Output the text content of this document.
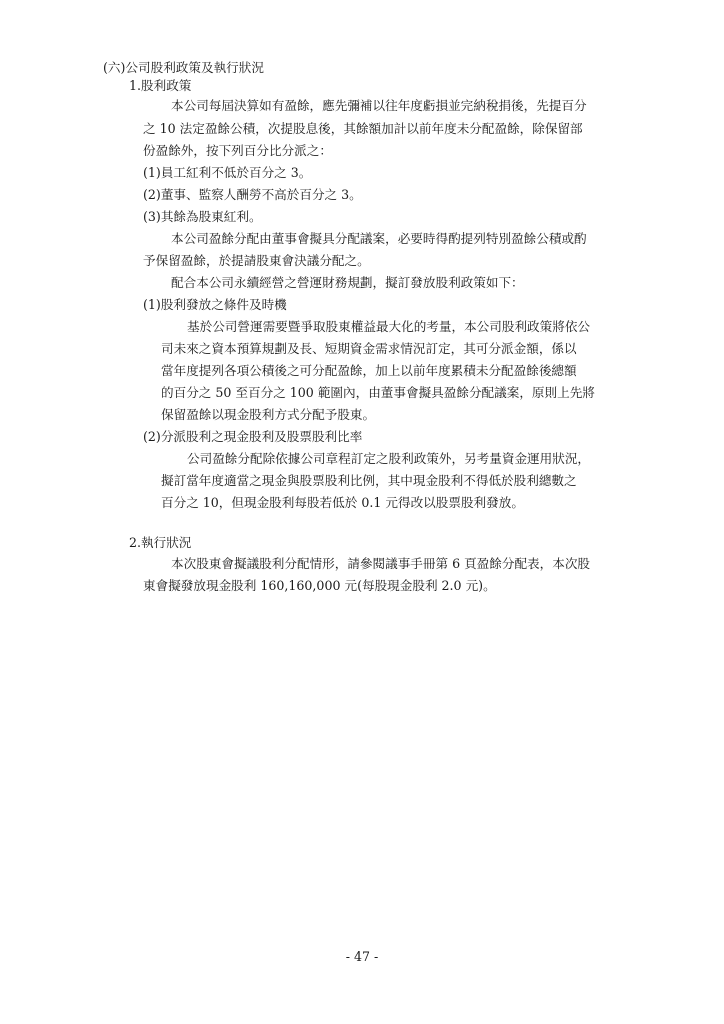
(六)公司股利政策及執行狀況
1.股利政策
本公司每屆決算如有盈餘，應先彌補以往年度虧損並完納稅捐後，先提百分
之 10 法定盈餘公積，次提股息後，其餘額加計以前年度未分配盈餘，除保留部
份盈餘外，按下列百分比分派之：
(1)員工紅利不低於百分之 3。
(2)董事、監察人酬勞不高於百分之 3。
(3)其餘為股東紅利。
本公司盈餘分配由董事會擬具分配議案，必要時得酌提列特別盈餘公積或酌
予保留盈餘，於提請股東會決議分配之。
配合本公司永續經營之營運財務規劃，擬訂發放股利政策如下：
(1)股利發放之條件及時機
基於公司營運需要暨爭取股東權益最大化的考量，本公司股利政策將依公
司未來之資本預算規劃及長、短期資金需求情況訂定，其可分派金額，係以
當年度提列各項公積後之可分配盈餘，加上以前年度累積未分配盈餘後總額
的百分之 50 至百分之 100 範圍內，由董事會擬具盈餘分配議案，原則上先將
保留盈餘以現金股利方式分配予股東。
(2)分派股利之現金股利及股票股利比率
公司盈餘分配除依據公司章程訂定之股利政策外，另考量資金運用狀況，
擬訂當年度適當之現金與股票股利比例，其中現金股利不得低於股利總數之
百分之 10，但現金股利每股若低於 0.1 元得改以股票股利發放。
2.執行狀況
本次股東會擬議股利分配情形，請參閱議事手冊第 6 頁盈餘分配表，本次股
東會擬發放現金股利 160,160,000 元(每股現金股利 2.0 元)。
- 47 -
